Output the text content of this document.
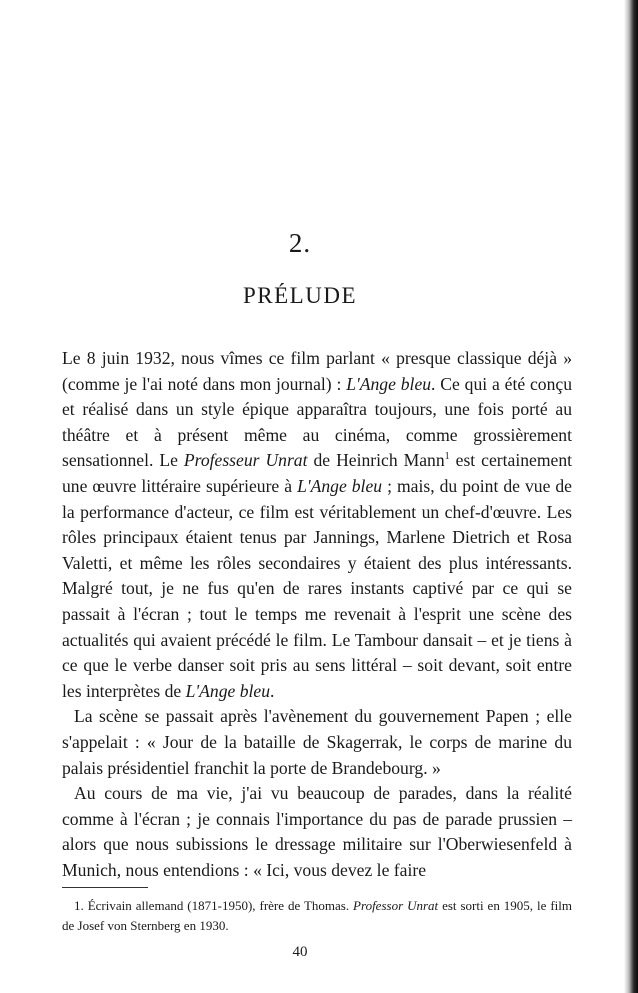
2.
PRÉLUDE

Le 8 juin 1932, nous vîmes ce film parlant « presque classique déjà » (comme je l'ai noté dans mon journal) : L'Ange bleu. Ce qui a été conçu et réalisé dans un style épique apparaîtra toujours, une fois porté au théâtre et à présent même au cinéma, comme grossièrement sensationnel. Le Professeur Unrat de Heinrich Mann$^1$ est certainement une œuvre littéraire supérieure à L'Ange bleu ; mais, du point de vue de la performance d'acteur, ce film est véritablement un chef-d'œuvre. Les rôles principaux étaient tenus par Jannings, Marlene Dietrich et Rosa Valetti, et même les rôles secondaires y étaient des plus intéressants. Malgré tout, je ne fus qu'en de rares instants captivé par ce qui se passait à l'écran ; tout le temps me revenait à l'esprit une scène des actualités qui avaient précédé le film. Le Tambour dansait – et je tiens à ce que le verbe danser soit pris au sens littéral – soit devant, soit entre les interprètes de L'Ange bleu.

La scène se passait après l'avènement du gouvernement Papen ; elle s'appelait : « Jour de la bataille de Skagerrak, le corps de marine du palais présidentiel franchit la porte de Brandebourg. »

Au cours de ma vie, j'ai vu beaucoup de parades, dans la réalité comme à l'écran ; je connais l'importance du pas de parade prussien – alors que nous subissions le dressage militaire sur l'Oberwiesenfeld à Munich, nous entendions : « Ici, vous devez le faire

1. Écrivain allemand (1871-1950), frère de Thomas. Professor Unrat est sorti en 1905, le film de Josef von Sternberg en 1930.

40
